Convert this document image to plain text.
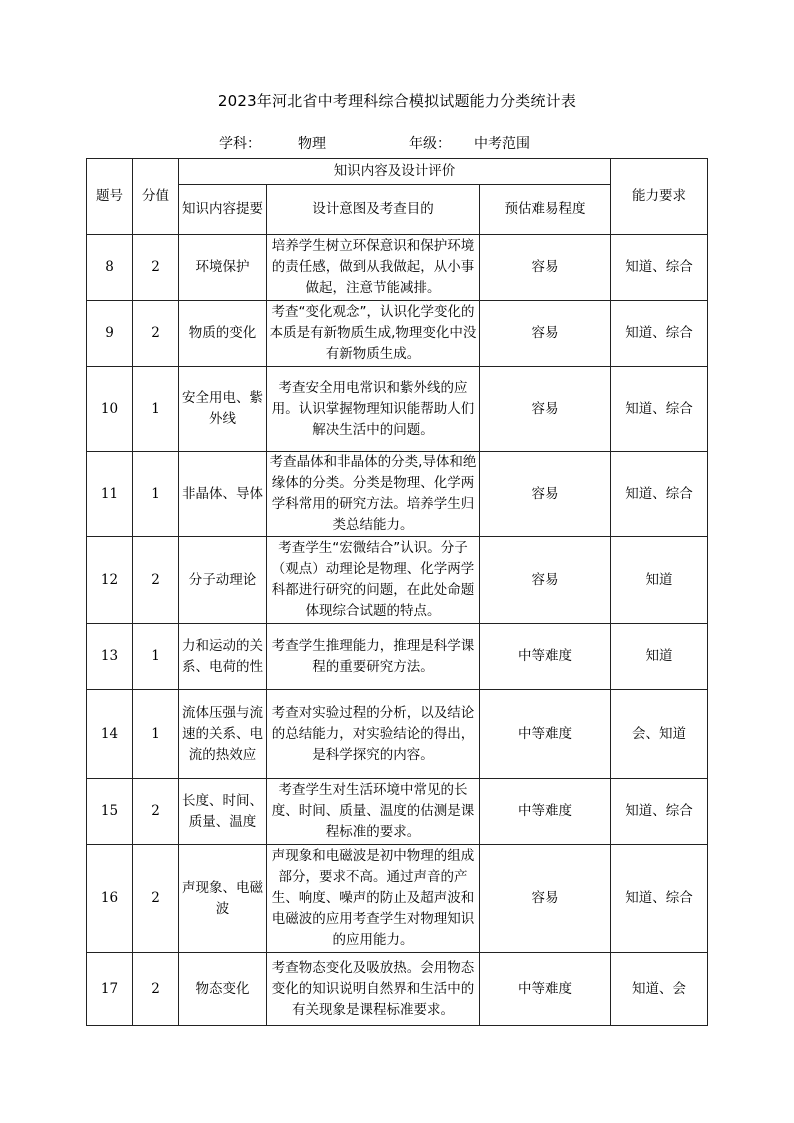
2023年河北省中考理科综合模拟试题能力分类统计表
学科：	物理	年级： 中考范围
题号	分值	知识内容及设计评价			能力要求
		知识内容提要	设计意图及考查目的	预估难易程度	
8	2	环境保护	培养学生树立环保意识和保护环境的责任感，做到从我做起，从小事做起，注意节能减排。	容易	知道、综合
9	2	物质的变化	考查“变化观念”，认识化学变化的本质是有新物质生成,物理变化中没有新物质生成。	容易	知道、综合
10	1	安全用电、紫外线	考查安全用电常识和紫外线的应用。认识掌握物理知识能帮助人们解决生活中的问题。	容易	知道、综合
11	1	非晶体、导体	考查晶体和非晶体的分类,导体和绝缘体的分类。分类是物理、化学两学科常用的研究方法。培养学生归类总结能力。	容易	知道、综合
12	2	分子动理论	考查学生“宏微结合”认识。分子（观点）动理论是物理、化学两学科都进行研究的问题，在此处命题体现综合试题的特点。	容易	知道
13	1	力和运动的关系、电荷的性	考查学生推理能力，推理是科学课程的重要研究方法。	中等难度	知道
14	1	流体压强与流速的关系、电流的热效应	考查对实验过程的分析，以及结论的总结能力，对实验结论的得出，是科学探究的内容。	中等难度	会、知道
15	2	长度、时间、质量、温度	考查学生对生活环境中常见的长度、时间、质量、温度的估测是课程标准的要求。	中等难度	知道、综合
16	2	声现象、电磁波	声现象和电磁波是初中物理的组成部分，要求不高。通过声音的产生、响度、噪声的防止及超声波和电磁波的应用考查学生对物理知识的应用能力。	容易	知道、综合
17	2	物态变化	考查物态变化及吸放热。会用物态变化的知识说明自然界和生活中的有关现象是课程标准要求。	中等难度	知道、会
